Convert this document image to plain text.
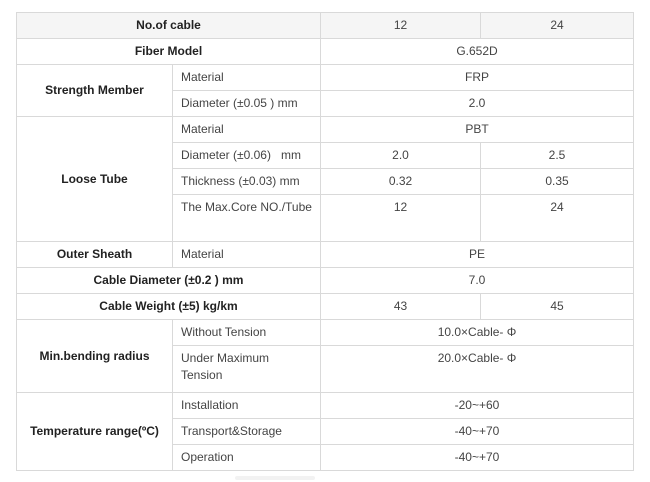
No.of cable		12	24
Fiber Model		G.652D	
Strength Member	Material	FRP	
	Diameter (±0.05 ) mm	2.0	
Loose Tube	Material	PBT	
	Diameter (±0.06)   mm	2.0	2.5
	Thickness (±0.03) mm	0.32	0.35
	The Max.Core NO./Tube	12	24
Outer Sheath	Material	PE	
Cable Diameter (±0.2 ) mm		7.0	
Cable Weight (±5) kg/km		43	45
Min.bending radius	Without Tension	10.0×Cable- Φ	
	Under Maximum Tension	20.0×Cable- Φ	
Temperature range(ºC)	Installation	-20~+60	
	Transport&Storage	-40~+70	
	Operation	-40~+70	
